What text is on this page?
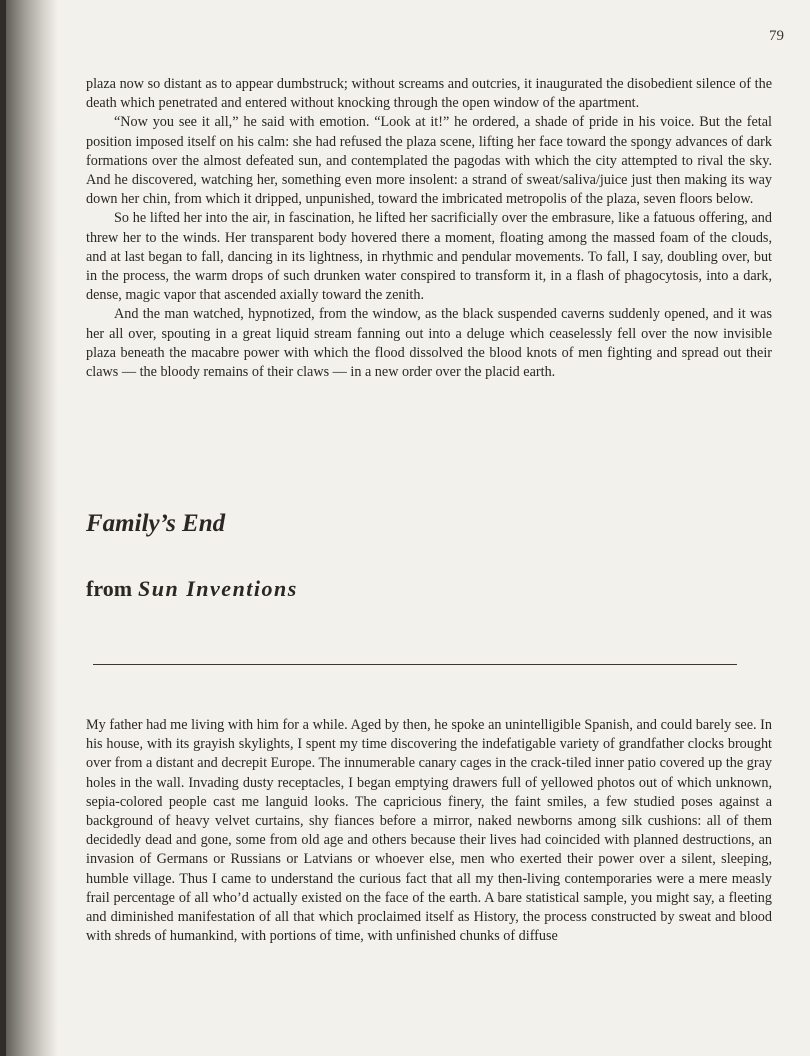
79

plaza now so distant as to appear dumbstruck; without screams and outcries, it inaugurated the disobedient silence of the death which penetrated and entered without knocking through the open window of the apartment.

“Now you see it all,” he said with emotion. “Look at it!” he ordered, a shade of pride in his voice. But the fetal position imposed itself on his calm: she had refused the plaza scene, lifting her face toward the spongy advances of dark formations over the almost defeated sun, and contemplated the pagodas with which the city attempted to rival the sky. And he discovered, watching her, something even more insolent: a strand of sweat/saliva/juice just then making its way down her chin, from which it dripped, unpunished, toward the imbricated metropolis of the plaza, seven floors below.

So he lifted her into the air, in fascination, he lifted her sacrificially over the embrasure, like a fatuous offering, and threw her to the winds. Her transparent body hovered there a moment, floating among the massed foam of the clouds, and at last began to fall, dancing in its lightness, in rhythmic and pendular movements. To fall, I say, doubling over, but in the process, the warm drops of such drunken water conspired to transform it, in a flash of phagocytosis, into a dark, dense, magic vapor that ascended axially toward the zenith.

And the man watched, hypnotized, from the window, as the black suspended caverns suddenly opened, and it was her all over, spouting in a great liquid stream fanning out into a deluge which ceaselessly fell over the now invisible plaza beneath the macabre power with which the flood dissolved the blood knots of men fighting and spread out their claws — the bloody remains of their claws — in a new order over the placid earth.

Family’s End
from Sun Inventions

My father had me living with him for a while. Aged by then, he spoke an unintelligible Spanish, and could barely see. In his house, with its grayish skylights, I spent my time discovering the indefatigable variety of grandfather clocks brought over from a distant and decrepit Europe. The innumerable canary cages in the crack-tiled inner patio covered up the gray holes in the wall. Invading dusty receptacles, I began emptying drawers full of yellowed photos out of which unknown, sepia-colored people cast me languid looks. The capricious finery, the faint smiles, a few studied poses against a background of heavy velvet curtains, shy fiances before a mirror, naked newborns among silk cushions: all of them decidedly dead and gone, some from old age and others because their lives had coincided with planned destructions, an invasion of Germans or Russians or Latvians or whoever else, men who exerted their power over a silent, sleeping, humble village. Thus I came to understand the curious fact that all my then-living contemporaries were a mere measly frail percentage of all who’d actually existed on the face of the earth. A bare statistical sample, you might say, a fleeting and diminished manifestation of all that which proclaimed itself as History, the process constructed by sweat and blood with shreds of humankind, with portions of time, with unfinished chunks of diffuse
